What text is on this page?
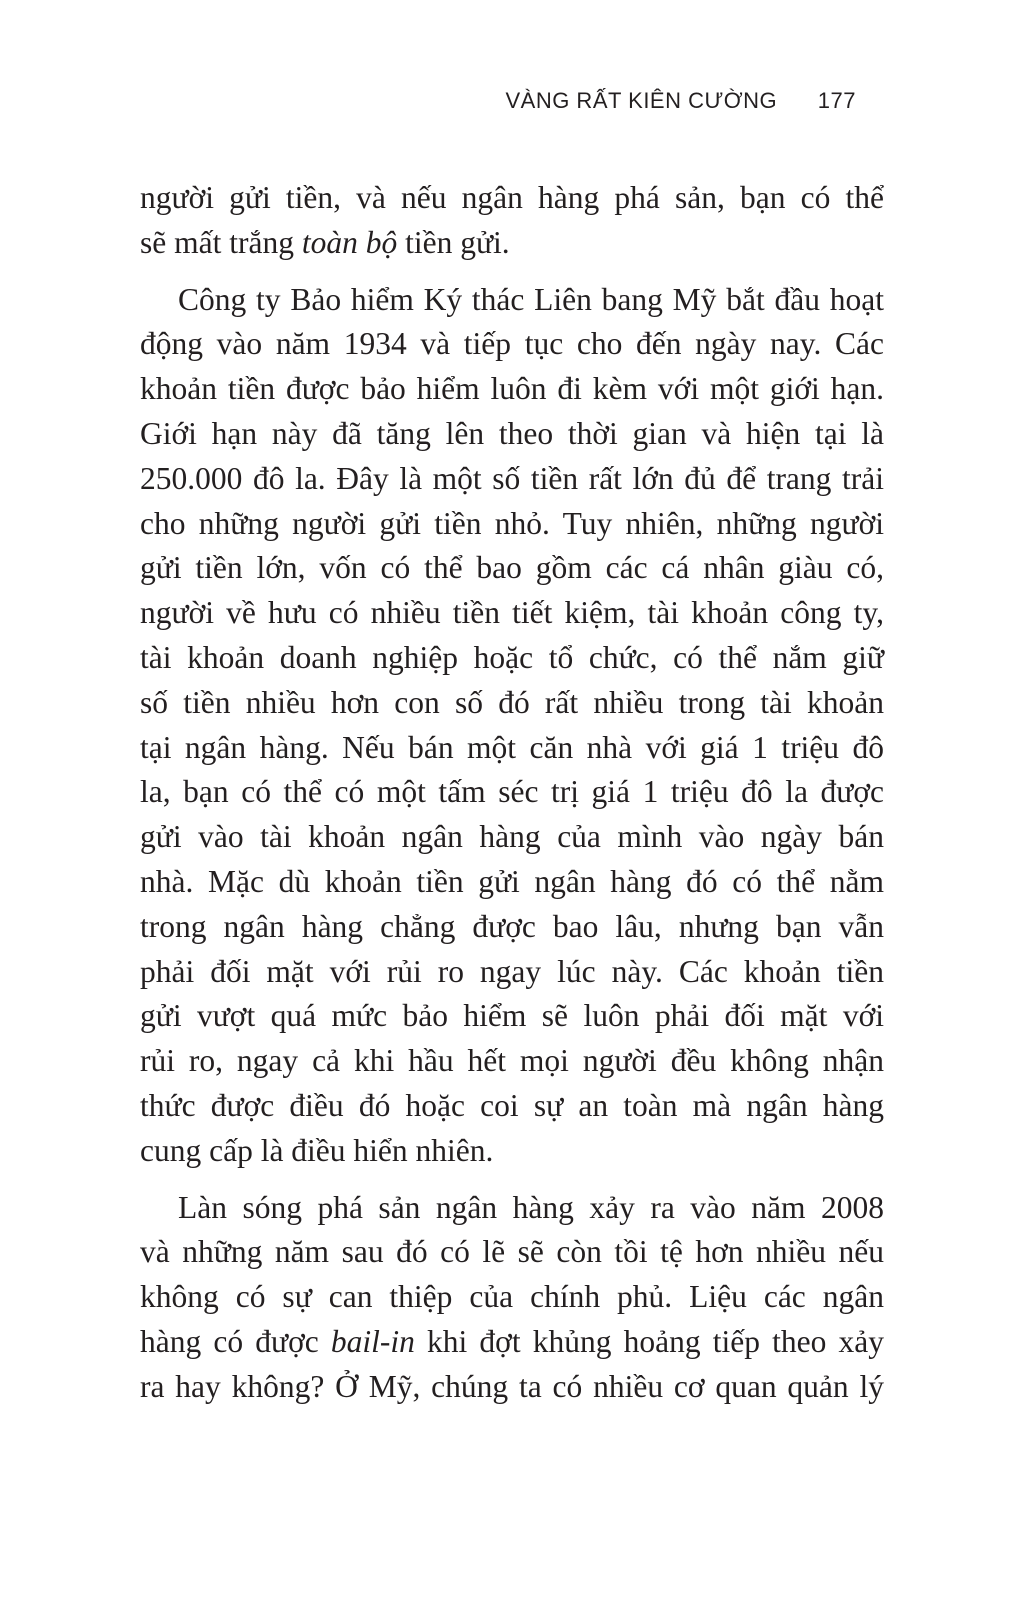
VÀNG RẤT KIÊN CƯỜNG 177

người gửi tiền, và nếu ngân hàng phá sản, bạn có thể
sẽ mất trắng toàn bộ tiền gửi.

Công ty Bảo hiểm Ký thác Liên bang Mỹ bắt đầu hoạt
động vào năm 1934 và tiếp tục cho đến ngày nay. Các
khoản tiền được bảo hiểm luôn đi kèm với một giới hạn.
Giới hạn này đã tăng lên theo thời gian và hiện tại là
250.000 đô la. Đây là một số tiền rất lớn đủ để trang trải
cho những người gửi tiền nhỏ. Tuy nhiên, những người
gửi tiền lớn, vốn có thể bao gồm các cá nhân giàu có,
người về hưu có nhiều tiền tiết kiệm, tài khoản công ty,
tài khoản doanh nghiệp hoặc tổ chức, có thể nắm giữ
số tiền nhiều hơn con số đó rất nhiều trong tài khoản
tại ngân hàng. Nếu bán một căn nhà với giá 1 triệu đô
la, bạn có thể có một tấm séc trị giá 1 triệu đô la được
gửi vào tài khoản ngân hàng của mình vào ngày bán
nhà. Mặc dù khoản tiền gửi ngân hàng đó có thể nằm
trong ngân hàng chẳng được bao lâu, nhưng bạn vẫn
phải đối mặt với rủi ro ngay lúc này. Các khoản tiền
gửi vượt quá mức bảo hiểm sẽ luôn phải đối mặt với
rủi ro, ngay cả khi hầu hết mọi người đều không nhận
thức được điều đó hoặc coi sự an toàn mà ngân hàng
cung cấp là điều hiển nhiên.

Làn sóng phá sản ngân hàng xảy ra vào năm 2008
và những năm sau đó có lẽ sẽ còn tồi tệ hơn nhiều nếu
không có sự can thiệp của chính phủ. Liệu các ngân
hàng có được bail-in khi đợt khủng hoảng tiếp theo xảy
ra hay không? Ở Mỹ, chúng ta có nhiều cơ quan quản lý
